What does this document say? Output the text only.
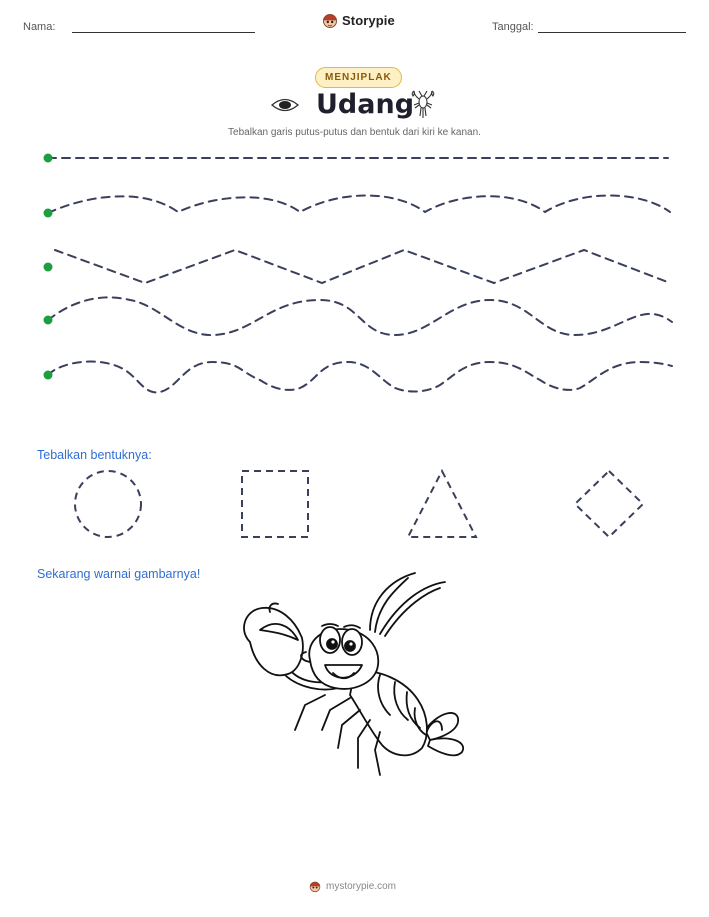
Nama:	Storypie	Tanggal:
MENJIPLAK
Udang
Tebalkan garis putus-putus dan bentuk dari kiri ke kanan.
Tebalkan bentuknya:
Sekarang warnai gambarnya!
mystorypie.com
